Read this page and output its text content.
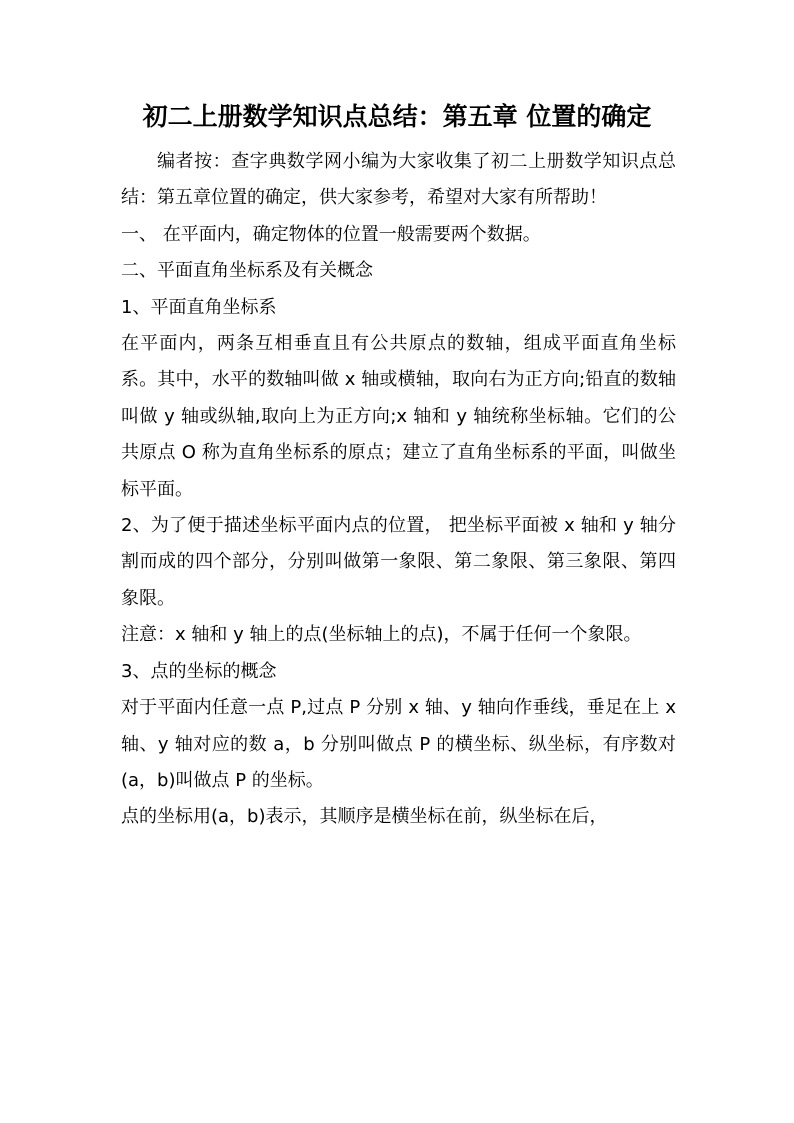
初二上册数学知识点总结：第五章 位置的确定

编者按：查字典数学网小编为大家收集了初二上册数学知识点总结：第五章位置的确定，供大家参考，希望对大家有所帮助！

一、 在平面内，确定物体的位置一般需要两个数据。

二、平面直角坐标系及有关概念

1、平面直角坐标系

在平面内，两条互相垂直且有公共原点的数轴，组成平面直角坐标系。其中，水平的数轴叫做 x 轴或横轴，取向右为正方向;铅直的数轴叫做 y 轴或纵轴,取向上为正方向;x 轴和 y 轴统称坐标轴。它们的公共原点 O 称为直角坐标系的原点；建立了直角坐标系的平面，叫做坐标平面。

2、为了便于描述坐标平面内点的位置， 把坐标平面被 x 轴和 y 轴分割而成的四个部分，分别叫做第一象限、第二象限、第三象限、第四象限。

注意：x 轴和 y 轴上的点(坐标轴上的点)，不属于任何一个象限。

3、点的坐标的概念

对于平面内任意一点 P,过点 P 分别 x 轴、y 轴向作垂线，垂足在上 x 轴、y 轴对应的数 a，b 分别叫做点 P 的横坐标、纵坐标，有序数对(a，b)叫做点 P 的坐标。

点的坐标用(a，b)表示，其顺序是横坐标在前，纵坐标在后，
